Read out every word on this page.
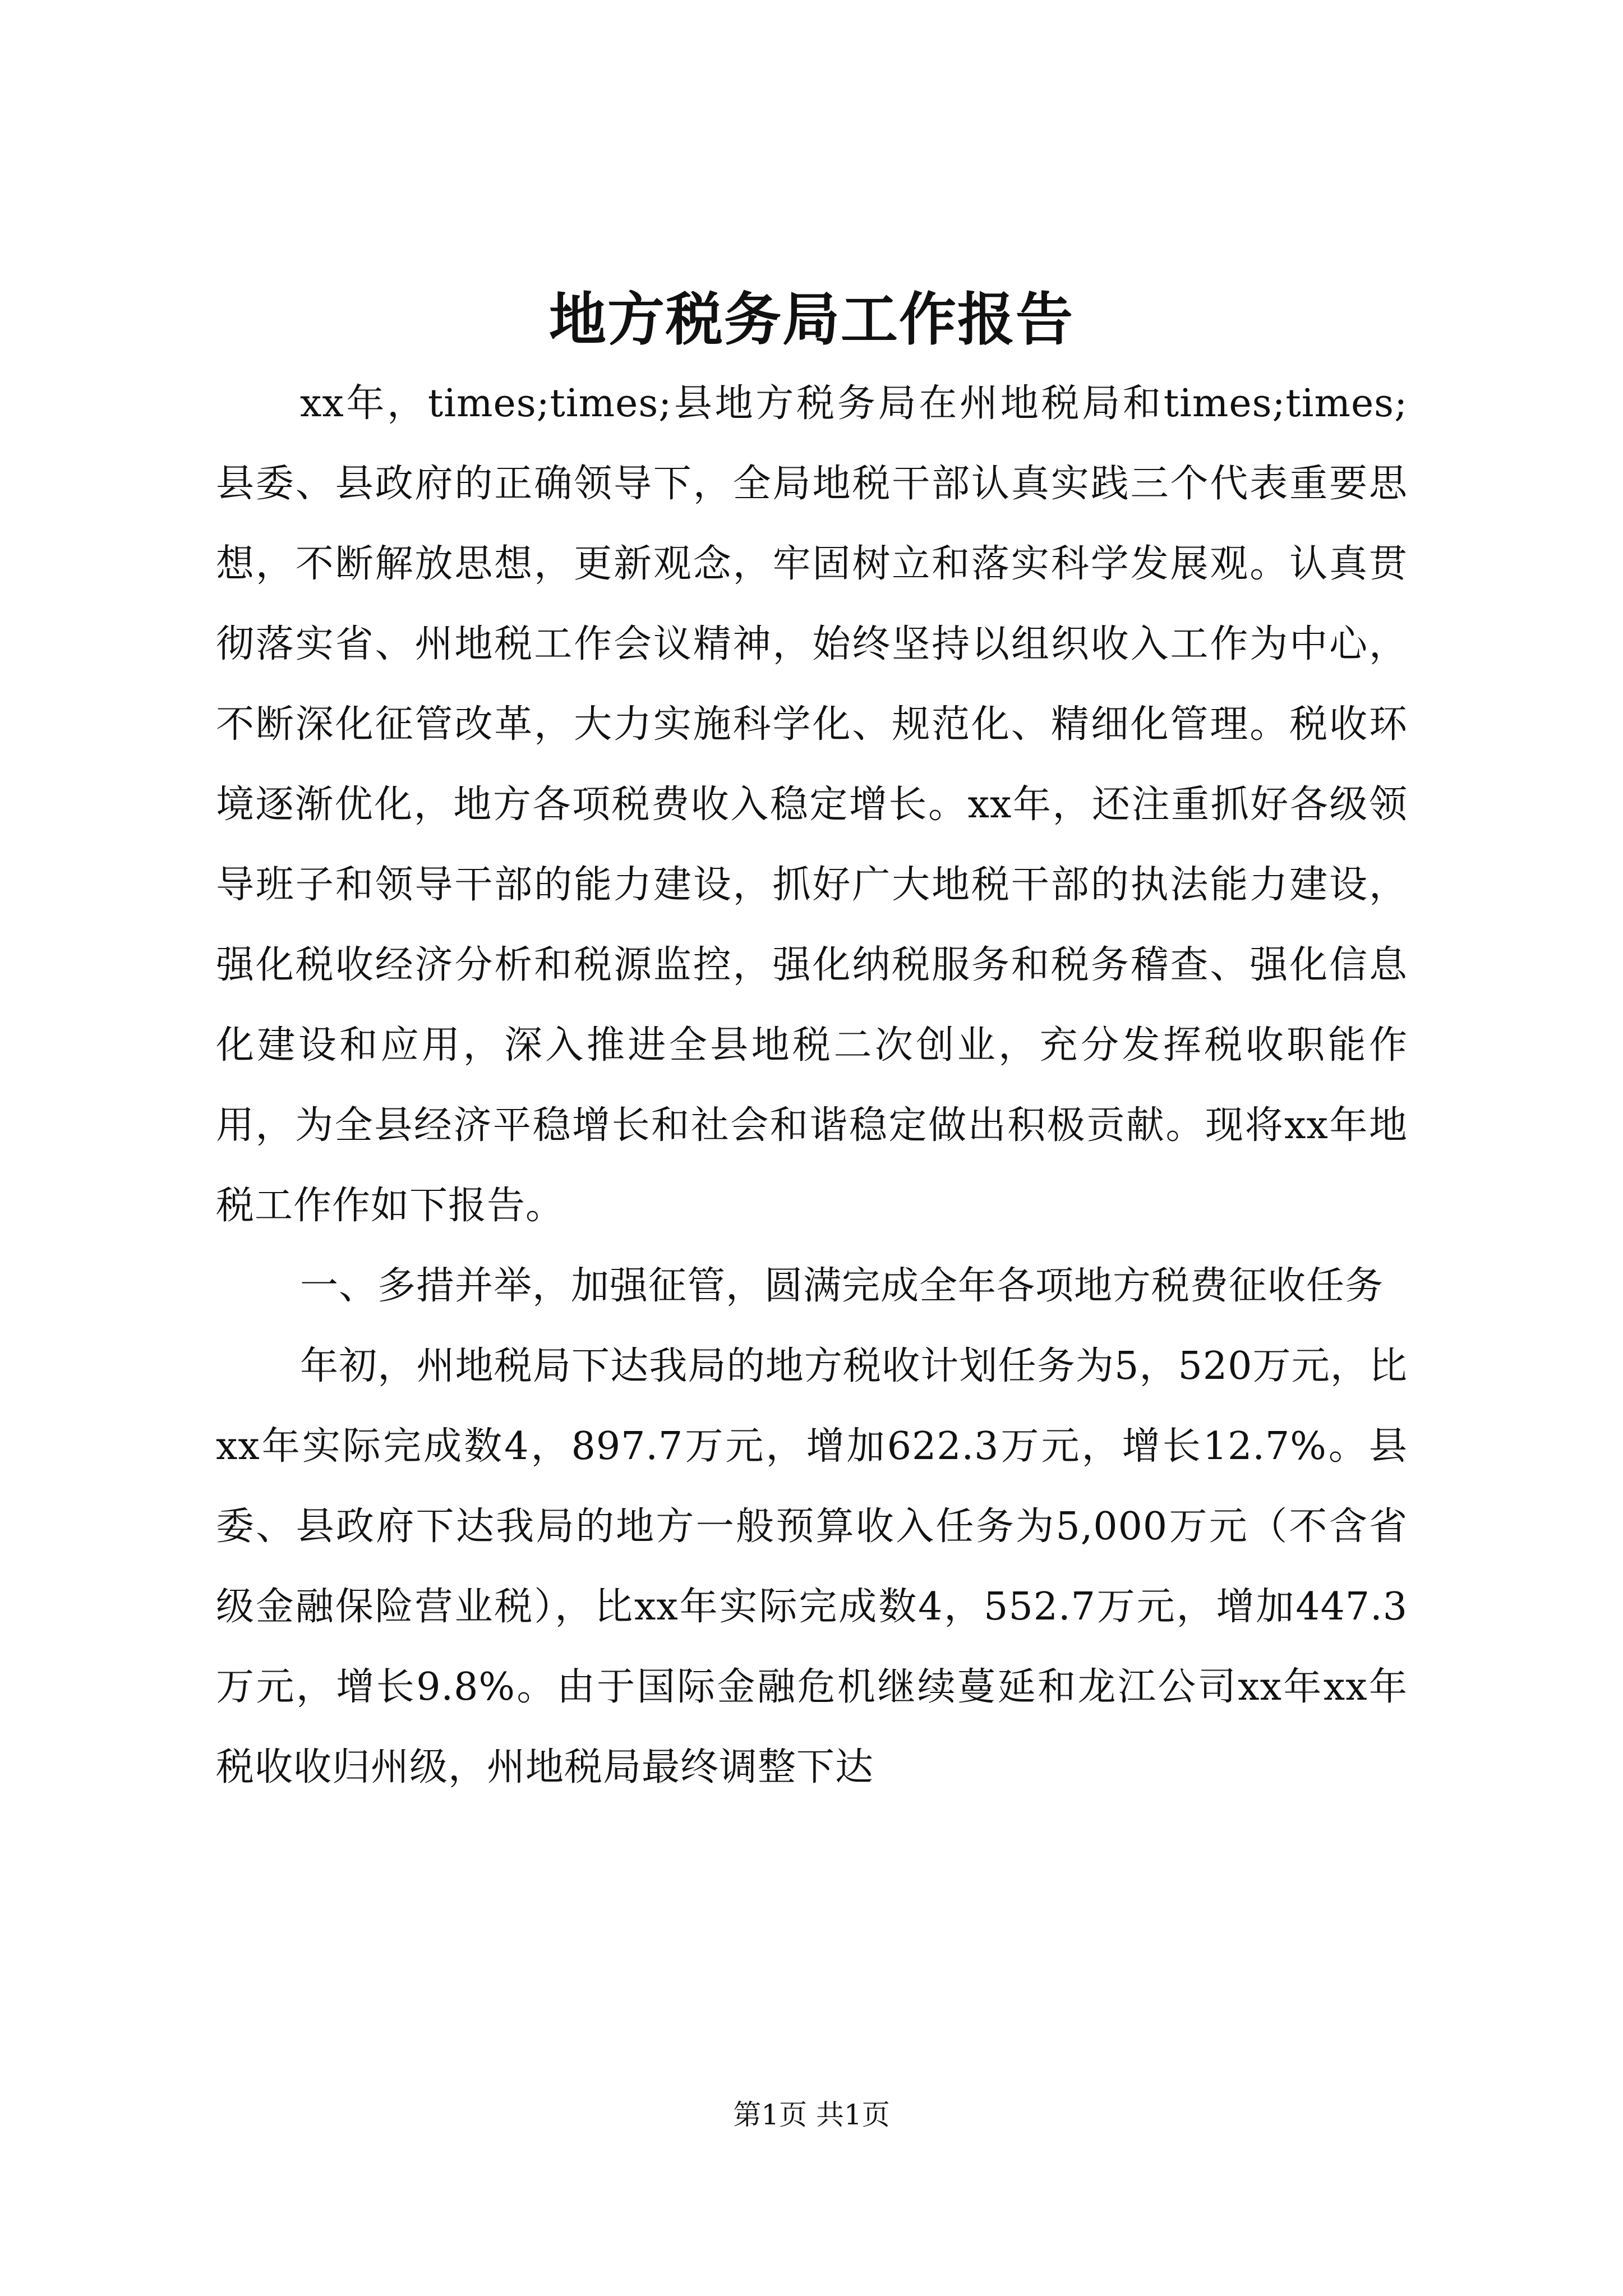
地方税务局工作报告

xx年，times;times;县地方税务局在州地税局和times;times;县委、县政府的正确领导下，全局地税干部认真实践三个代表重要思想，不断解放思想，更新观念，牢固树立和落实科学发展观。认真贯彻落实省、州地税工作会议精神，始终坚持以组织收入工作为中心，不断深化征管改革，大力实施科学化、规范化、精细化管理。税收环境逐渐优化，地方各项税费收入稳定增长。xx年，还注重抓好各级领导班子和领导干部的能力建设，抓好广大地税干部的执法能力建设，强化税收经济分析和税源监控，强化纳税服务和税务稽查、强化信息化建设和应用，深入推进全县地税二次创业，充分发挥税收职能作用，为全县经济平稳增长和社会和谐稳定做出积极贡献。现将xx年地税工作作如下报告。

一、多措并举，加强征管，圆满完成全年各项地方税费征收任务

年初，州地税局下达我局的地方税收计划任务为5，520万元，比xx年实际完成数4，897.7万元，增加622.3万元，增长12.7%。县委、县政府下达我局的地方一般预算收入任务为5,000万元（不含省级金融保险营业税），比xx年实际完成数4，552.7万元，增加447.3万元，增长9.8%。由于国际金融危机继续蔓延和龙江公司xx年xx年税收收归州级，州地税局最终调整下达

第1页 共1页
